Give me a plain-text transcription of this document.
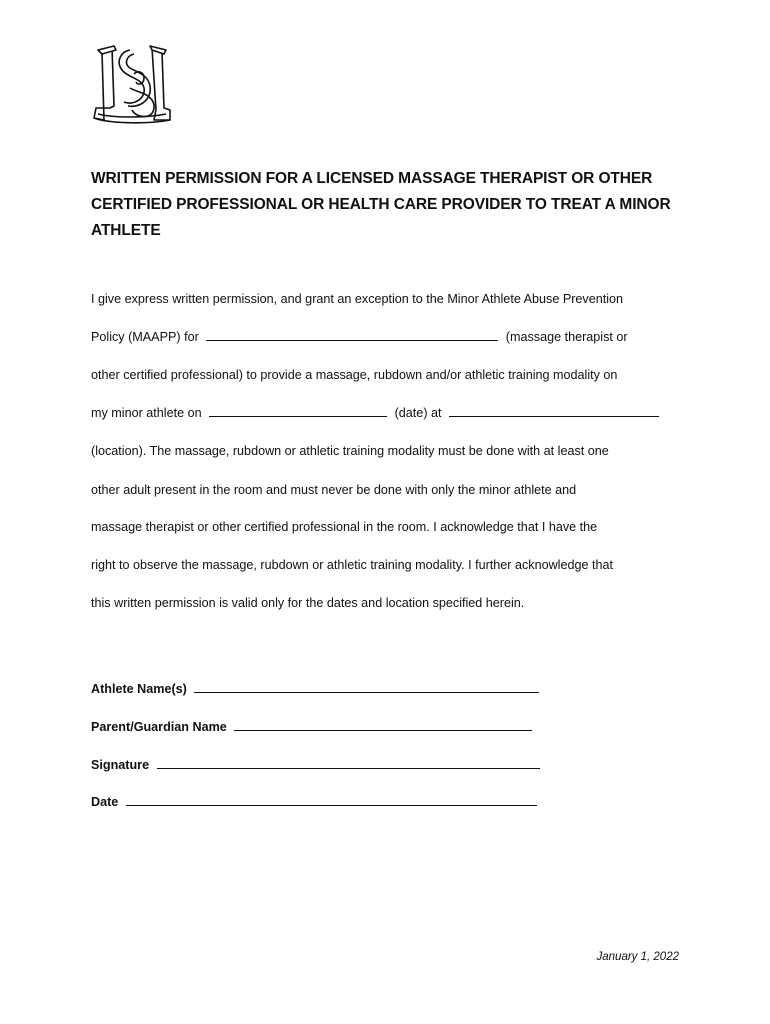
WRITTEN PERMISSION FOR A LICENSED MASSAGE THERAPIST OR OTHER
CERTIFIED PROFESSIONAL OR HEALTH CARE PROVIDER TO TREAT A MINOR
ATHLETE
I give express written permission, and grant an exception to the Minor Athlete Abuse Prevention
Policy (MAAPP) for	(massage therapist or
other certified professional) to provide a massage, rubdown and/or athletic training modality on
my minor athlete on	(date) at
(location). The massage, rubdown or athletic training modality must be done with at least one
other adult present in the room and must never be done with only the minor athlete and
massage therapist or other certified professional in the room. I acknowledge that I have the
right to observe the massage, rubdown or athletic training modality. I further acknowledge that
this written permission is valid only for the dates and location specified herein.
Athlete Name(s)
Parent/Guardian Name
Signature
Date
January 1, 2022
